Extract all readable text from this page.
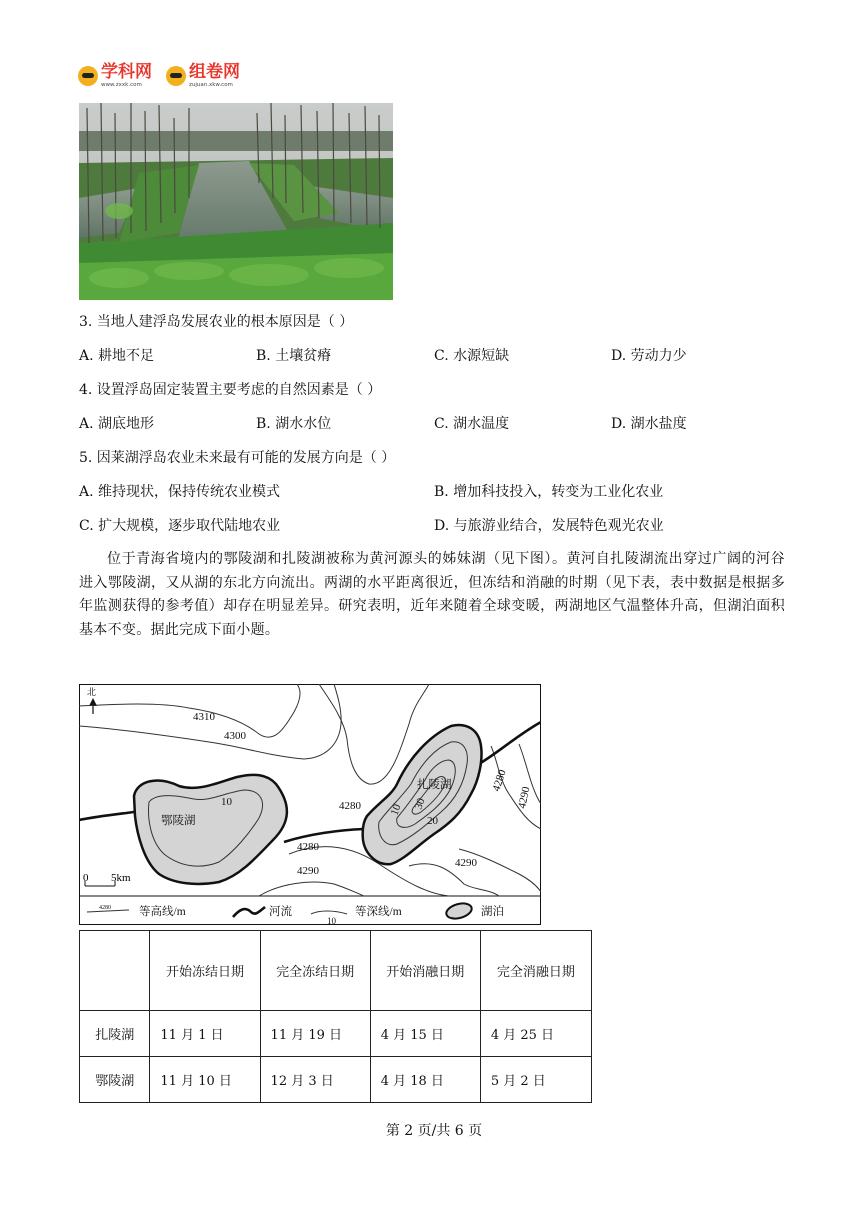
学科网
www.zxxk.com
组卷网
zujuan.xkw.com
3. 当地人建浮岛发展农业的根本原因是（ ）
A. 耕地不足	B. 土壤贫瘠	C. 水源短缺	D. 劳动力少
4. 设置浮岛固定装置主要考虑的自然因素是（ ）
A. 湖底地形	B. 湖水水位	C. 湖水温度	D. 湖水盐度
5. 因莱湖浮岛农业未来最有可能的发展方向是（ ）
A. 维持现状，保持传统农业模式	B. 增加科技投入，转变为工业化农业
C. 扩大规模，逐步取代陆地农业	D. 与旅游业结合，发展特色观光农业
位于青海省境内的鄂陵湖和扎陵湖被称为黄河源头的姊妹湖（见下图）。黄河自扎陵湖流出穿过广阔的河谷进入鄂陵湖，又从湖的东北方向流出。两湖的水平距离很近，但冻结和消融的时期（见下表，表中数据是根据多年监测获得的参考值）却存在明显差异。研究表明，近年来随着全球变暖，两湖地区气温整体升高，但湖泊面积基本不变。据此完成下面小题。
北
鄂陵湖
扎陵湖
4310
4300
4280
4280
4290
4280
4290
4290
10
10 30
20
0 5km
4280 等高线/m	河流
10
等深线/m	湖泊
	开始冻结日期	完全冻结日期	开始消融日期	完全消融日期
扎陵湖	11 月 1 日	11 月 19 日	4 月 15 日	4 月 25 日
鄂陵湖	11 月 10 日	12 月 3 日	4 月 18 日	5 月 2 日
第 2 页/共 6 页
